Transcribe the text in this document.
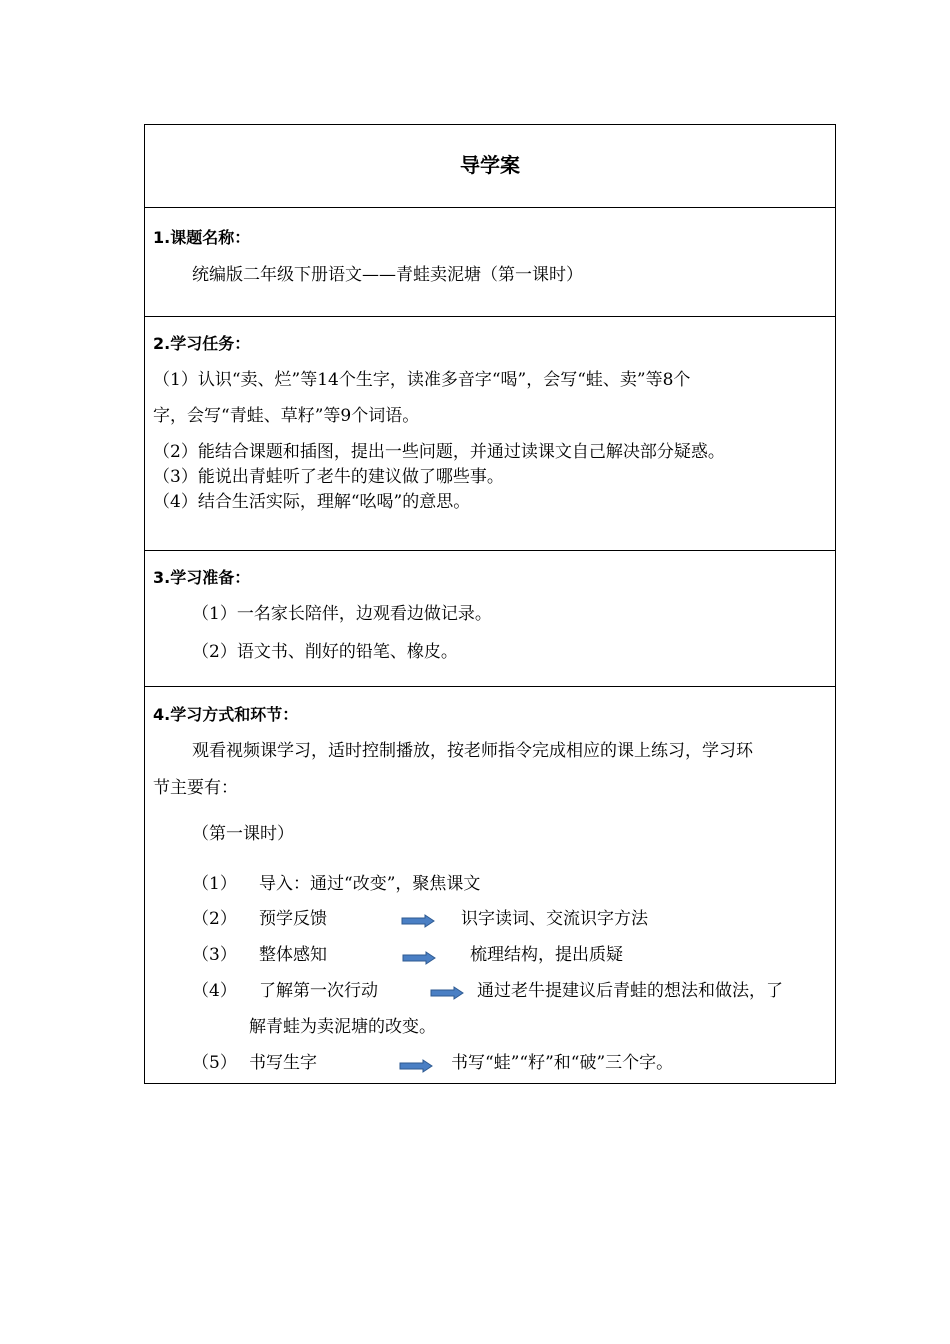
导学案
1.课题名称：
统编版二年级下册语文——青蛙卖泥塘（第一课时）
2.学习任务：
（1）认识“卖、烂”等14个生字，读准多音字“喝”，会写“蛙、卖”等8个
字，会写“青蛙、草籽”等9个词语。
（2）能结合课题和插图，提出一些问题，并通过读课文自己解决部分疑惑。
（3）能说出青蛙听了老牛的建议做了哪些事。
（4）结合生活实际，理解“吆喝”的意思。
3.学习准备：
（1）一名家长陪伴，边观看边做记录。
（2）语文书、削好的铅笔、橡皮。
4.学习方式和环节：
观看视频课学习，适时控制播放，按老师指令完成相应的课上练习，学习环
节主要有：
（第一课时）
（1） 导入：通过“改变”，聚焦课文
（2） 预学反馈	识字读词、交流识字方法
（3） 整体感知	梳理结构，提出质疑
（4） 了解第一次行动	通过老牛提建议后青蛙的想法和做法，了
解青蛙为卖泥塘的改变。
（5） 书写生字	书写“蛙”“籽”和“破”三个字。
